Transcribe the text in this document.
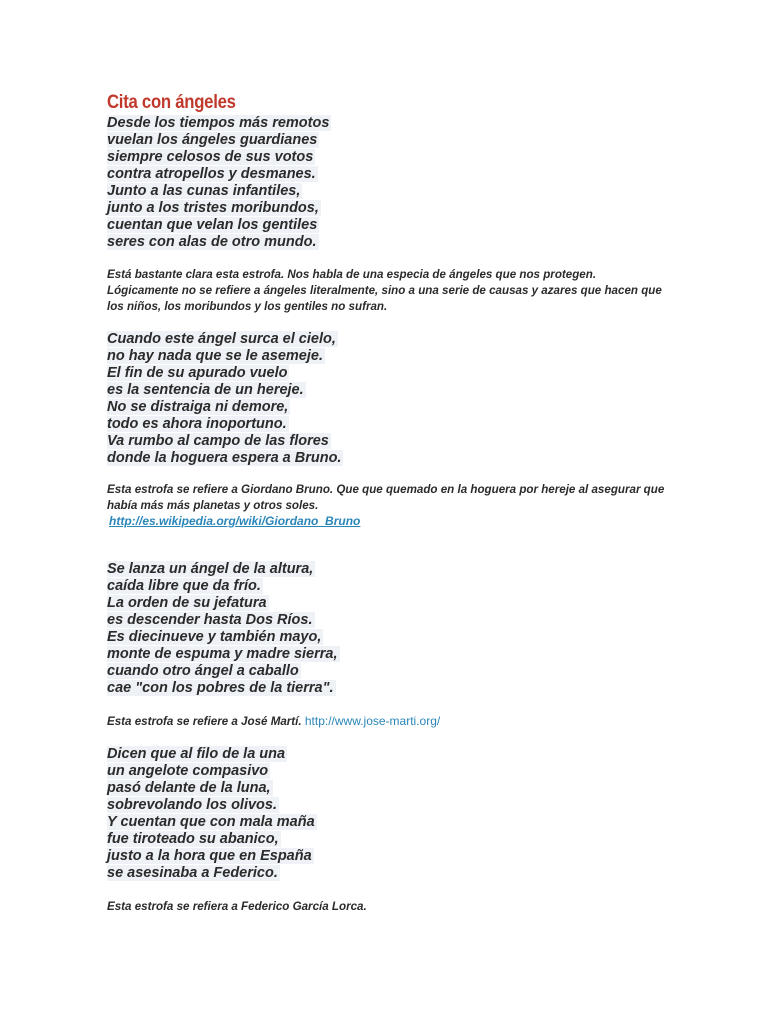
Cita con ángeles
Desde los tiempos más remotos
vuelan los ángeles guardianes
siempre celosos de sus votos
contra atropellos y desmanes.
Junto a las cunas infantiles,
junto a los tristes moribundos,
cuentan que velan los gentiles
seres con alas de otro mundo.

Está bastante clara esta estrofa. Nos habla de una especia de ángeles que nos protegen. Lógicamente no se refiere a ángeles literalmente, sino a una serie de causas y azares que hacen que los niños, los moribundos y los gentiles no sufran.

Cuando este ángel surca el cielo,
no hay nada que se le asemeje.
El fin de su apurado vuelo
es la sentencia de un hereje.
No se distraiga ni demore,
todo es ahora inoportuno.
Va rumbo al campo de las flores
donde la hoguera espera a Bruno.

Esta estrofa se refiere a Giordano Bruno. Que que quemado en la hoguera por hereje al asegurar que había más más planetas y otros soles.
http://es.wikipedia.org/wiki/Giordano_Bruno

Se lanza un ángel de la altura,
caída libre que da frío.
La orden de su jefatura
es descender hasta Dos Ríos.
Es diecinueve y también mayo,
monte de espuma y madre sierra,
cuando otro ángel a caballo
cae "con los pobres de la tierra".

Esta estrofa se refiere a José Martí. http://www.jose-marti.org/

Dicen que al filo de la una
un angelote compasivo
pasó delante de la luna,
sobrevolando los olivos.
Y cuentan que con mala maña
fue tiroteado su abanico,
justo a la hora que en España
se asesinaba a Federico.

Esta estrofa se refiera a Federico García Lorca.
